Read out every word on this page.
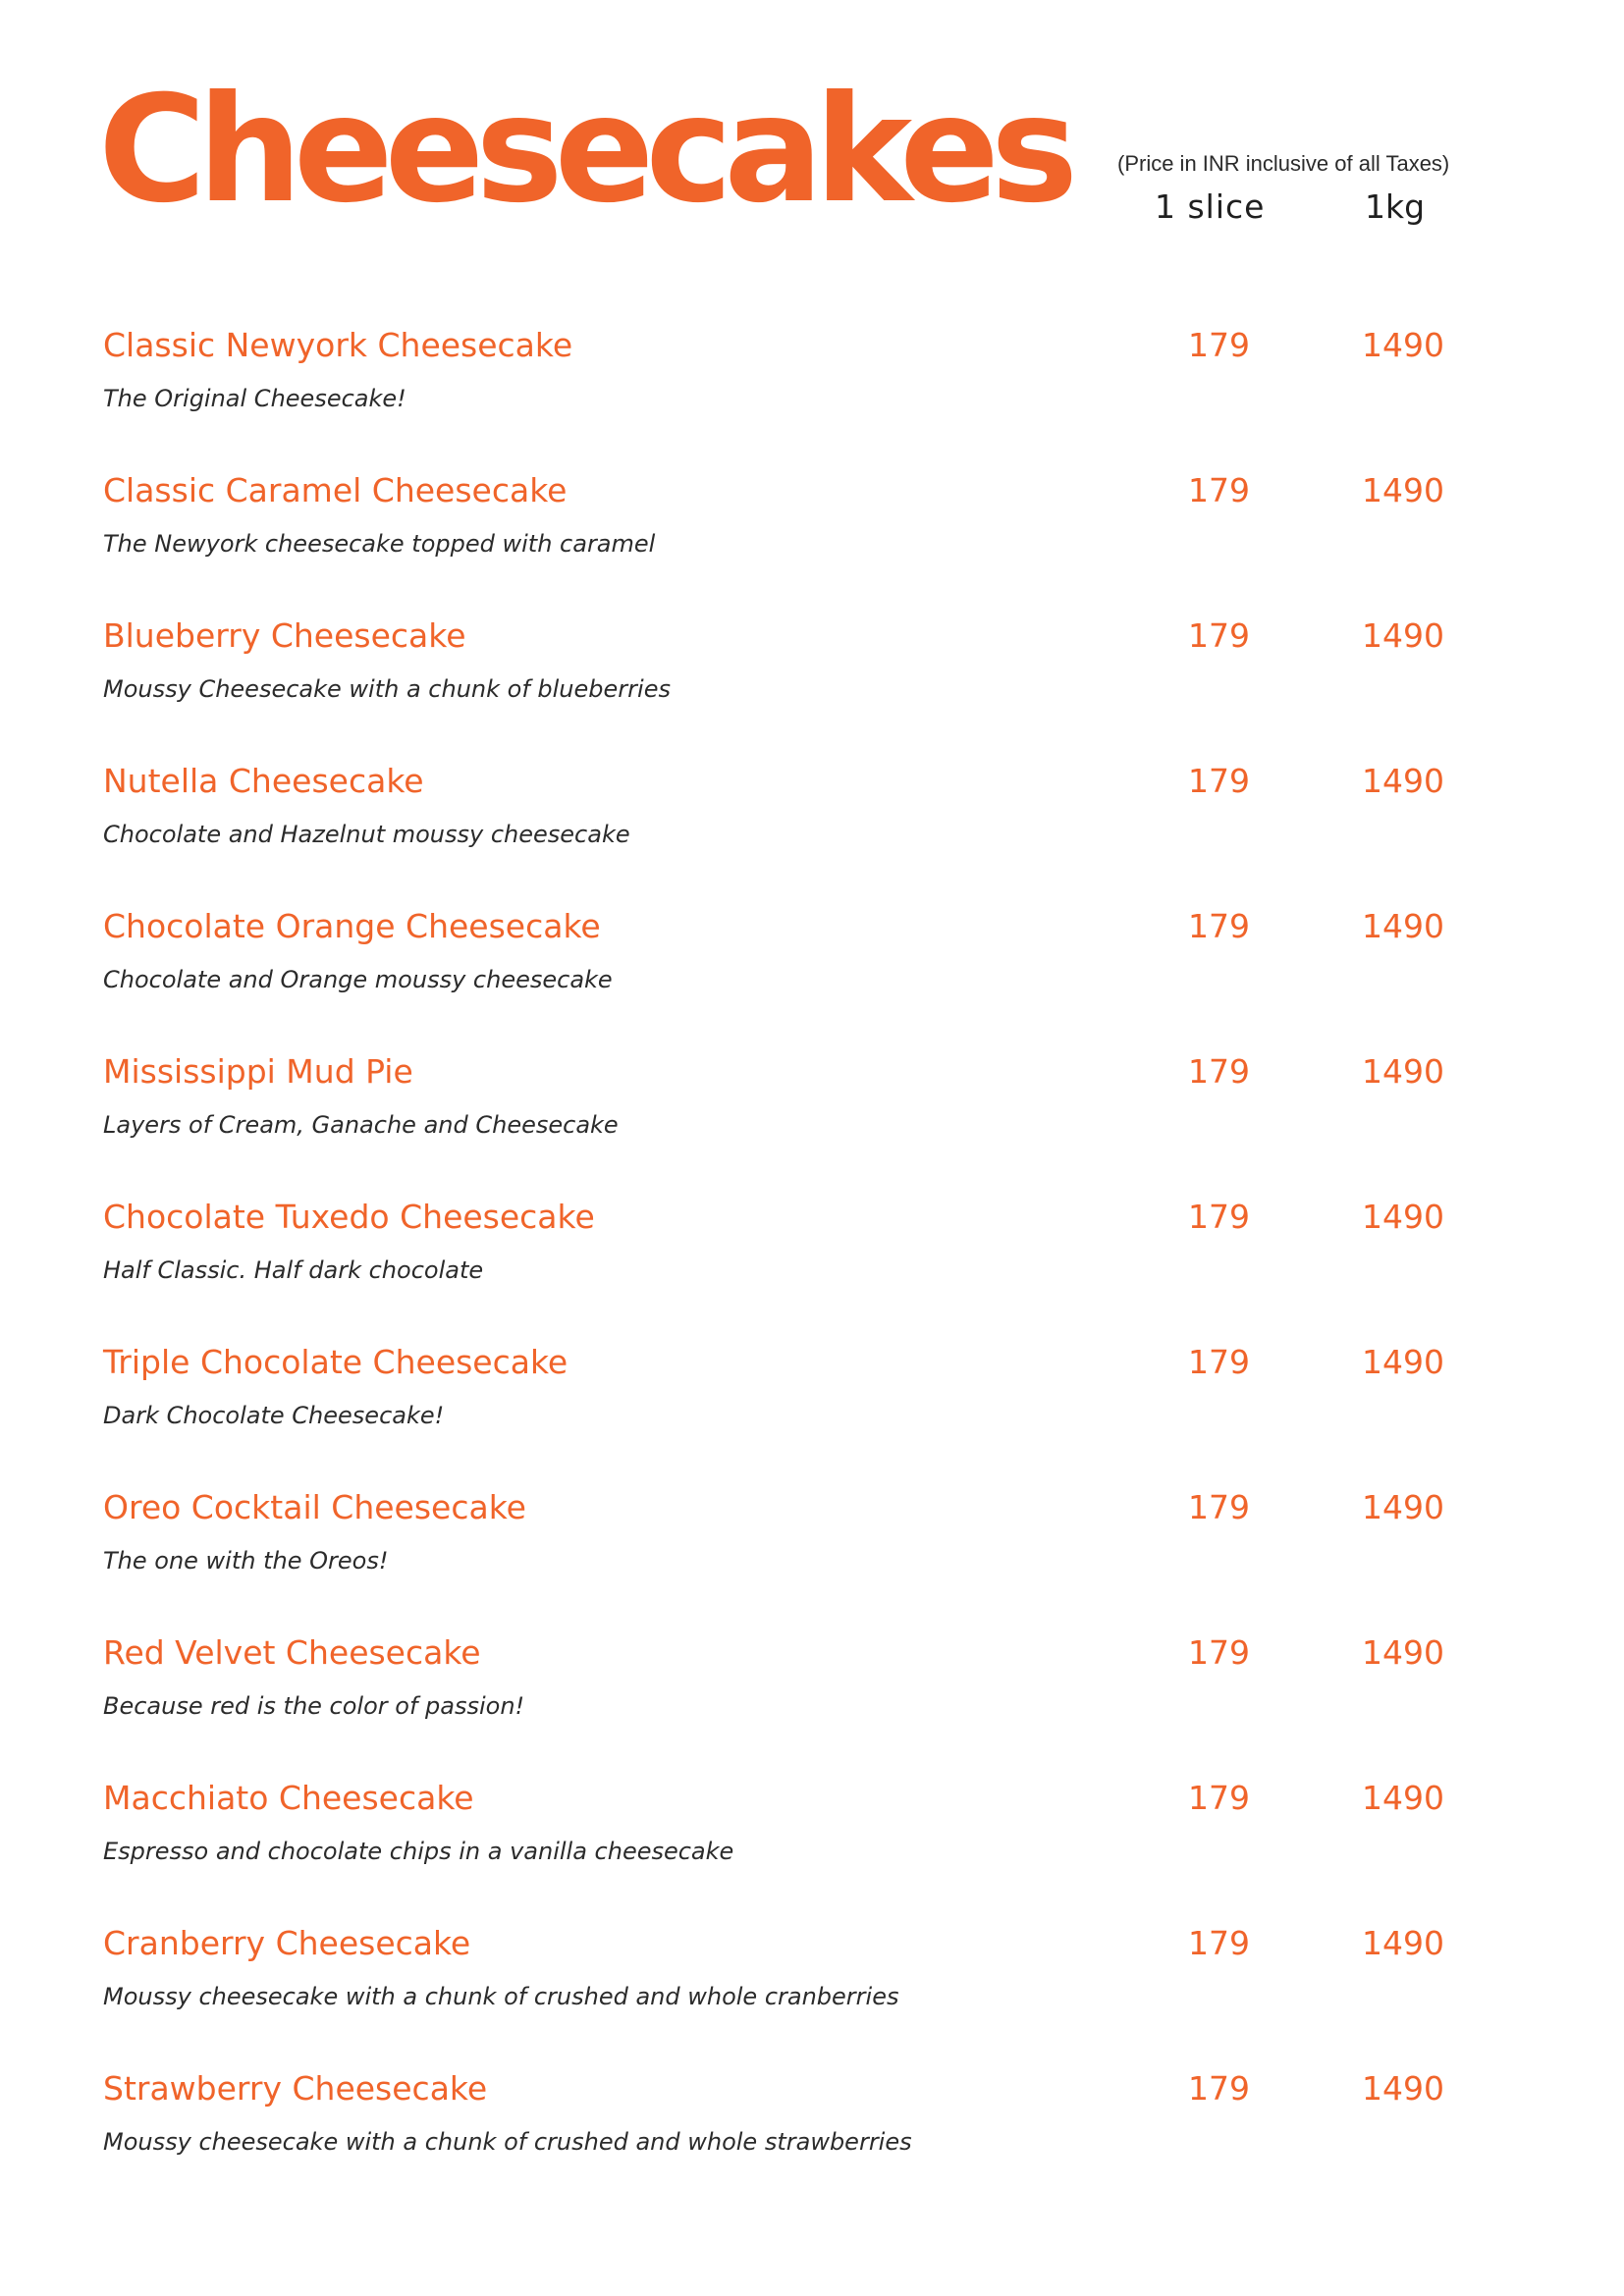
Cheesecakes (Price in INR inclusive of all Taxes)
1 slice	1kg
Classic Newyork Cheesecake
The Original Cheesecake!
179	1490
Classic Caramel Cheesecake
The Newyork cheesecake topped with caramel
179	1490
Blueberry Cheesecake
Moussy Cheesecake with a chunk of blueberries
179	1490
Nutella Cheesecake
Chocolate and Hazelnut moussy cheesecake
179	1490
Chocolate Orange Cheesecake
Chocolate and Orange moussy cheesecake
179	1490
Mississippi Mud Pie
Layers of Cream, Ganache and Cheesecake
179	1490
Chocolate Tuxedo Cheesecake
Half Classic. Half dark chocolate
179	1490
Triple Chocolate Cheesecake
Dark Chocolate Cheesecake!
179	1490
Oreo Cocktail Cheesecake
The one with the Oreos!
179	1490
Red Velvet Cheesecake
Because red is the color of passion!
179	1490
Macchiato Cheesecake
Espresso and chocolate chips in a vanilla cheesecake
179	1490
Cranberry Cheesecake
Moussy cheesecake with a chunk of crushed and whole cranberries
179	1490
Strawberry Cheesecake
Moussy cheesecake with a chunk of crushed and whole strawberries
179	1490
